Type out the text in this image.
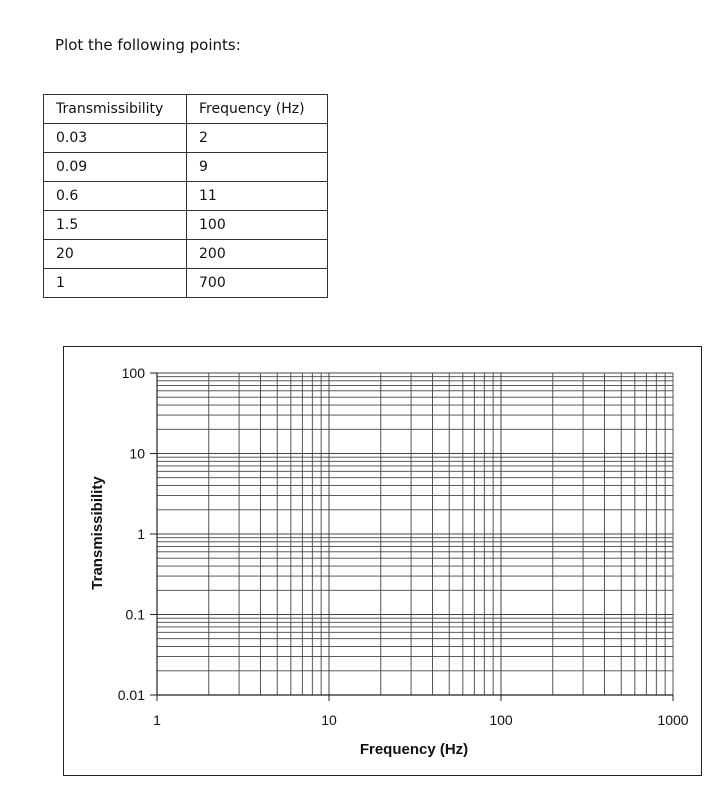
Plot the following points:
Transmissibility	Frequency (Hz)
0.03	2
0.09	9
0.6	11
1.5	100
20	200
1	700
0.01
0.1
1
10
100
1	10	100	1000
Frequency (Hz)
Transmissibility
